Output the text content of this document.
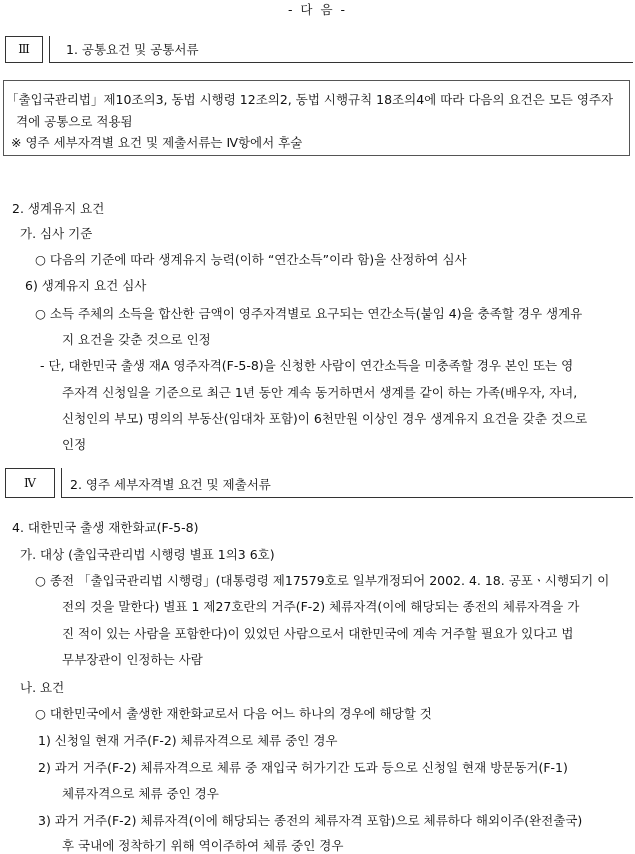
- 다 음 -
Ⅲ	1. 공통요건 및 공통서류
「출입국관리법」제10조의3, 동법 시행령 12조의2, 동법 시행규칙 18조의4에 따라 다음의 요건은 모든 영주자
격에 공통으로 적용됨
※ 영주 세부자격별 요건 및 제출서류는 Ⅳ항에서 후술
2. 생계유지 요건
가. 심사 기준
○ 다음의 기준에 따라 생계유지 능력(이하 “연간소득”이라 함)을 산정하여 심사
6) 생계유지 요건 심사
○ 소득 주체의 소득을 합산한 금액이 영주자격별로 요구되는 연간소득(붙임 4)을 충족할 경우 생계유
지 요건을 갖춘 것으로 인정
- 단, 대한민국 출생 재A 영주자격(F-5-8)을 신청한 사람이 연간소득을 미충족할 경우 본인 또는 영
주자격 신청일을 기준으로 최근 1년 동안 계속 동거하면서 생계를 같이 하는 가족(배우자, 자녀,
신청인의 부모) 명의의 부동산(임대차 포함)이 6천만원 이상인 경우 생계유지 요건을 갖춘 것으로
인정
Ⅳ	2. 영주 세부자격별 요건 및 제출서류
4. 대한민국 출생 재한화교(F-5-8)
가. 대상 (출입국관리법 시행령 별표 1의3 6호)
○ 종전 「출입국관리법 시행령」(대통령령 제17579호로 일부개정되어 2002. 4. 18. 공포ㆍ시행되기 이
전의 것을 말한다) 별표 1 제27호란의 거주(F-2) 체류자격(이에 해당되는 종전의 체류자격을 가
진 적이 있는 사람을 포함한다)이 있었던 사람으로서 대한민국에 계속 거주할 필요가 있다고 법
무부장관이 인정하는 사람
나. 요건
○ 대한민국에서 출생한 재한화교로서 다음 어느 하나의 경우에 해당할 것
1) 신청일 현재 거주(F-2) 체류자격으로 체류 중인 경우
2) 과거 거주(F-2) 체류자격으로 체류 중 재입국 허가기간 도과 등으로 신청일 현재 방문동거(F-1)
체류자격으로 체류 중인 경우
3) 과거 거주(F-2) 체류자격(이에 해당되는 종전의 체류자격 포함)으로 체류하다 해외이주(완전출국)
후 국내에 정착하기 위해 역이주하여 체류 중인 경우
